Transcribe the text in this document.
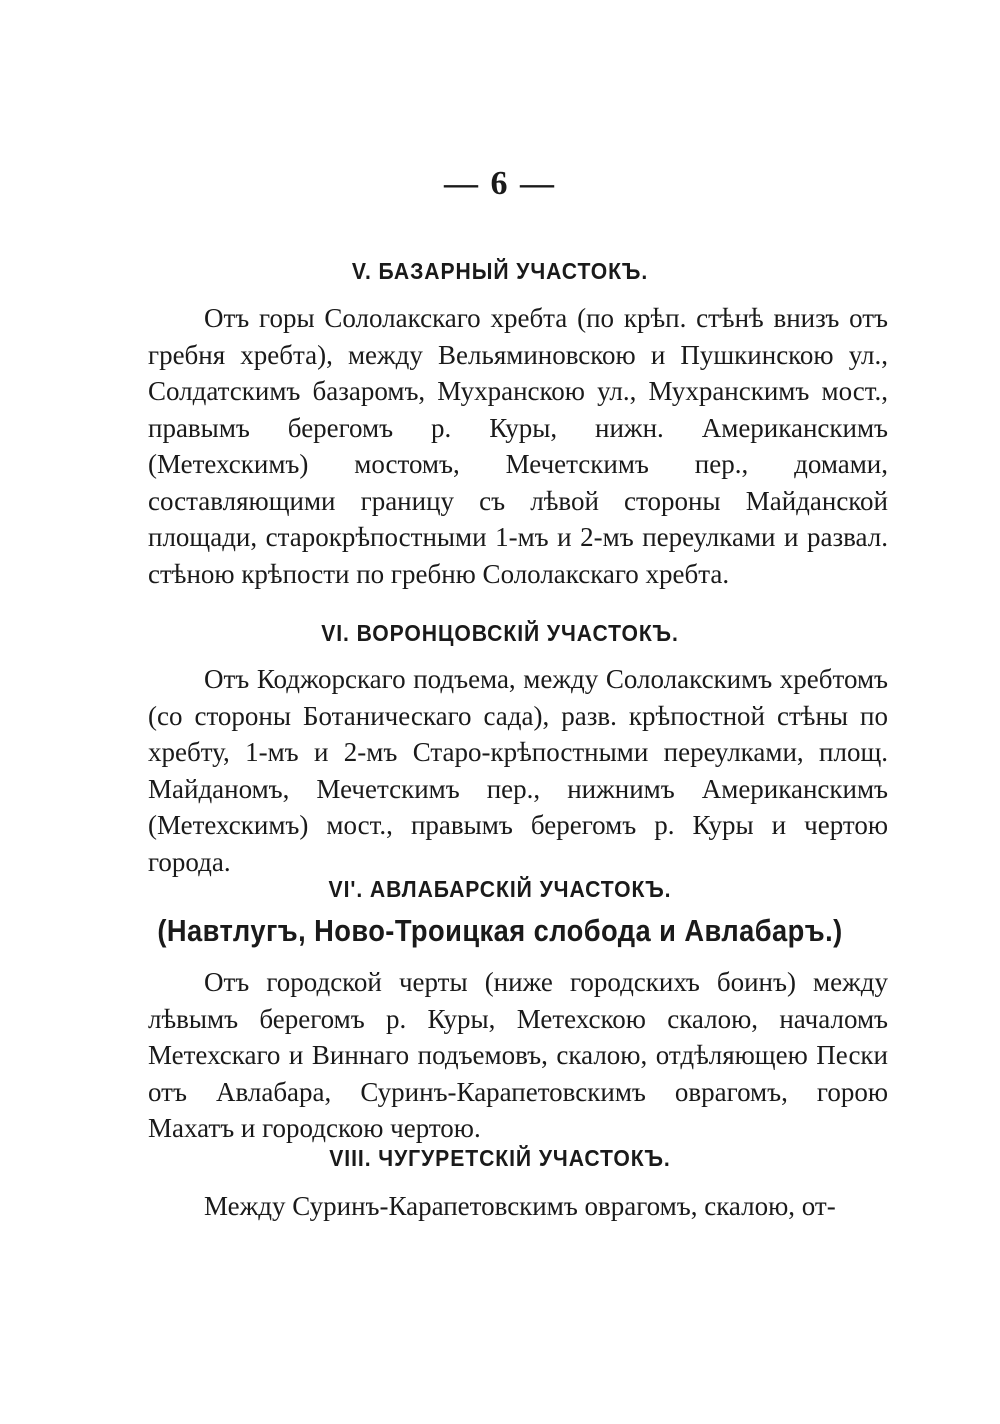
— 6 —
V. БАЗАРНЫЙ УЧАСТОКЪ.
Отъ горы Сололакскаго хребта (по крѣп. стѣнѣ внизъ отъ гребня хребта), между Вельяминовскою и Пушкинскою ул., Солдатскимъ базаромъ, Мухранскою ул., Мухранскимъ мост., правымъ берегомъ р. Куры, нижн. Американскимъ (Метехскимъ) мостомъ, Мечетскимъ пер., домами, составляющими границу съ лѣвой стороны Майданской площади, старокрѣпостными 1-мъ и 2-мъ переулками и развал. стѣною крѣпости по гребню Сололакскаго хребта.
VI. ВОРОНЦОВСКIЙ УЧАСТОКЪ.
Отъ Коджорскаго подъема, между Сололакскимъ хребтомъ (со стороны Ботаническаго сада), разв. крѣпостной стѣны по хребту, 1-мъ и 2-мъ Старо-крѣпостными переулками, площ. Майданомъ, Мечетскимъ пер., нижнимъ Американскимъ (Метехскимъ) мост., правымъ берегомъ р. Куры и чертою города.
VI'. АВЛАБАРСКIЙ УЧАСТОКЪ.
(Навтлугъ, Ново-Троицкая слобода и Авлабаръ.)
Отъ городской черты (ниже городскихъ боинъ) между лѣвымъ берегомъ р. Куры, Метехскою скалою, началомъ Метехскаго и Виннаго подъемовъ, скалою, отдѣляющею Пески отъ Авлабара, Суринъ-Карапетовскимъ оврагомъ, горою Махатъ и городскою чертою.
VIII. ЧУГУРЕТСКIЙ УЧАСТОКЪ.
Между Суринъ-Карапетовскимъ оврагомъ, скалою, от-
